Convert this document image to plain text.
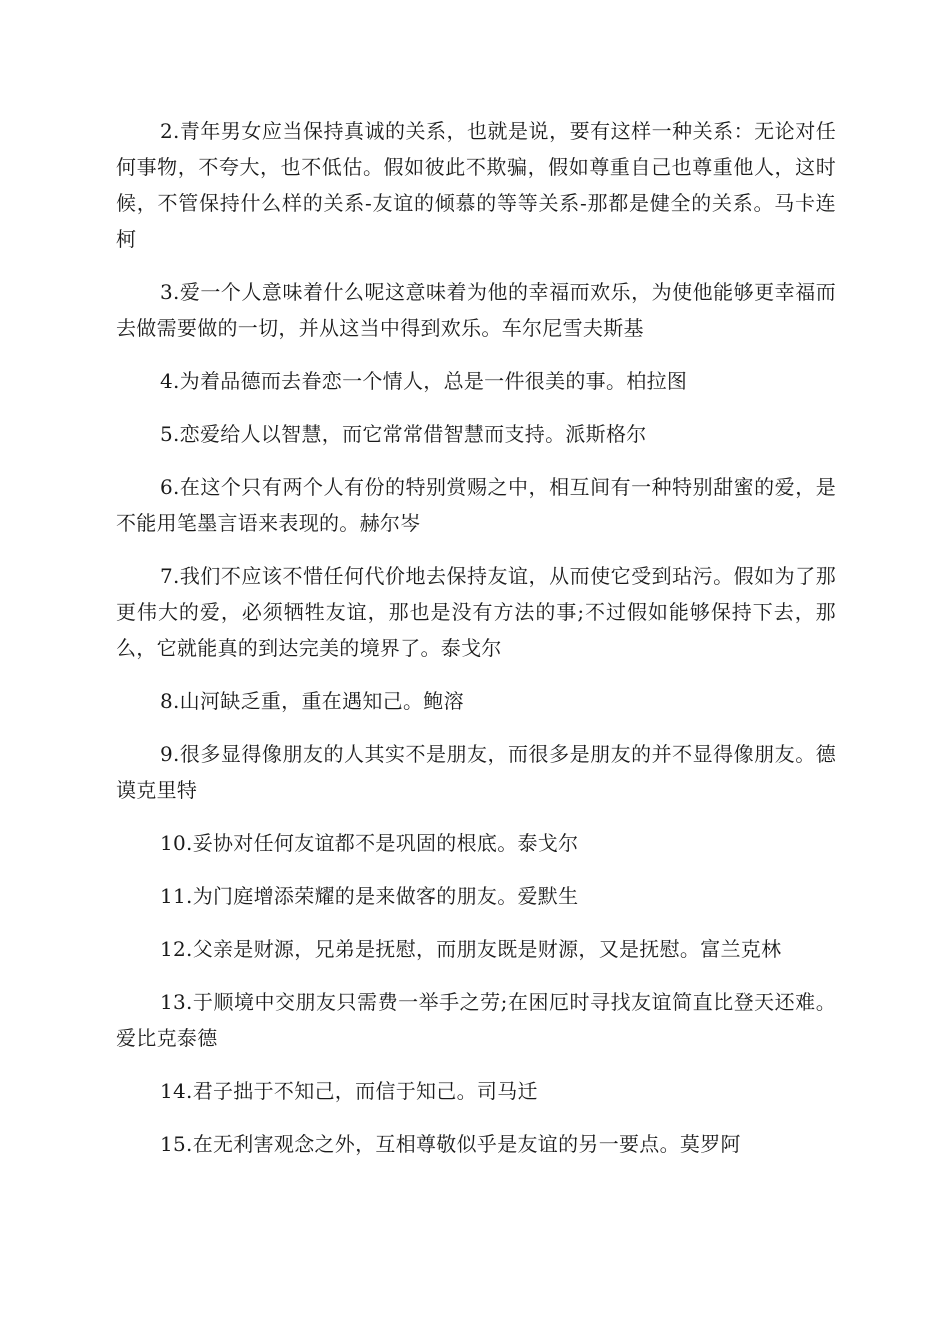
2.青年男女应当保持真诚的关系，也就是说，要有这样一种关系：无论对任何事物，不夸大，也不低估。假如彼此不欺骗，假如尊重自己也尊重他人，这时候，不管保持什么样的关系-友谊的倾慕的等等关系-那都是健全的关系。马卡连柯

3.爱一个人意味着什么呢这意味着为他的幸福而欢乐，为使他能够更幸福而去做需要做的一切，并从这当中得到欢乐。车尔尼雪夫斯基

4.为着品德而去眷恋一个情人，总是一件很美的事。柏拉图

5.恋爱给人以智慧，而它常常借智慧而支持。派斯格尔

6.在这个只有两个人有份的特别赏赐之中，相互间有一种特别甜蜜的爱，是不能用笔墨言语来表现的。赫尔岑

7.我们不应该不惜任何代价地去保持友谊，从而使它受到玷污。假如为了那更伟大的爱，必须牺牲友谊，那也是没有方法的事;不过假如能够保持下去，那么，它就能真的到达完美的境界了。泰戈尔

8.山河缺乏重，重在遇知己。鲍溶

9.很多显得像朋友的人其实不是朋友，而很多是朋友的并不显得像朋友。德谟克里特

10.妥协对任何友谊都不是巩固的根底。泰戈尔

11.为门庭增添荣耀的是来做客的朋友。爱默生

12.父亲是财源，兄弟是抚慰，而朋友既是财源，又是抚慰。富兰克林

13.于顺境中交朋友只需费一举手之劳;在困厄时寻找友谊简直比登天还难。爱比克泰德

14.君子拙于不知己，而信于知己。司马迁

15.在无利害观念之外，互相尊敬似乎是友谊的另一要点。莫罗阿
